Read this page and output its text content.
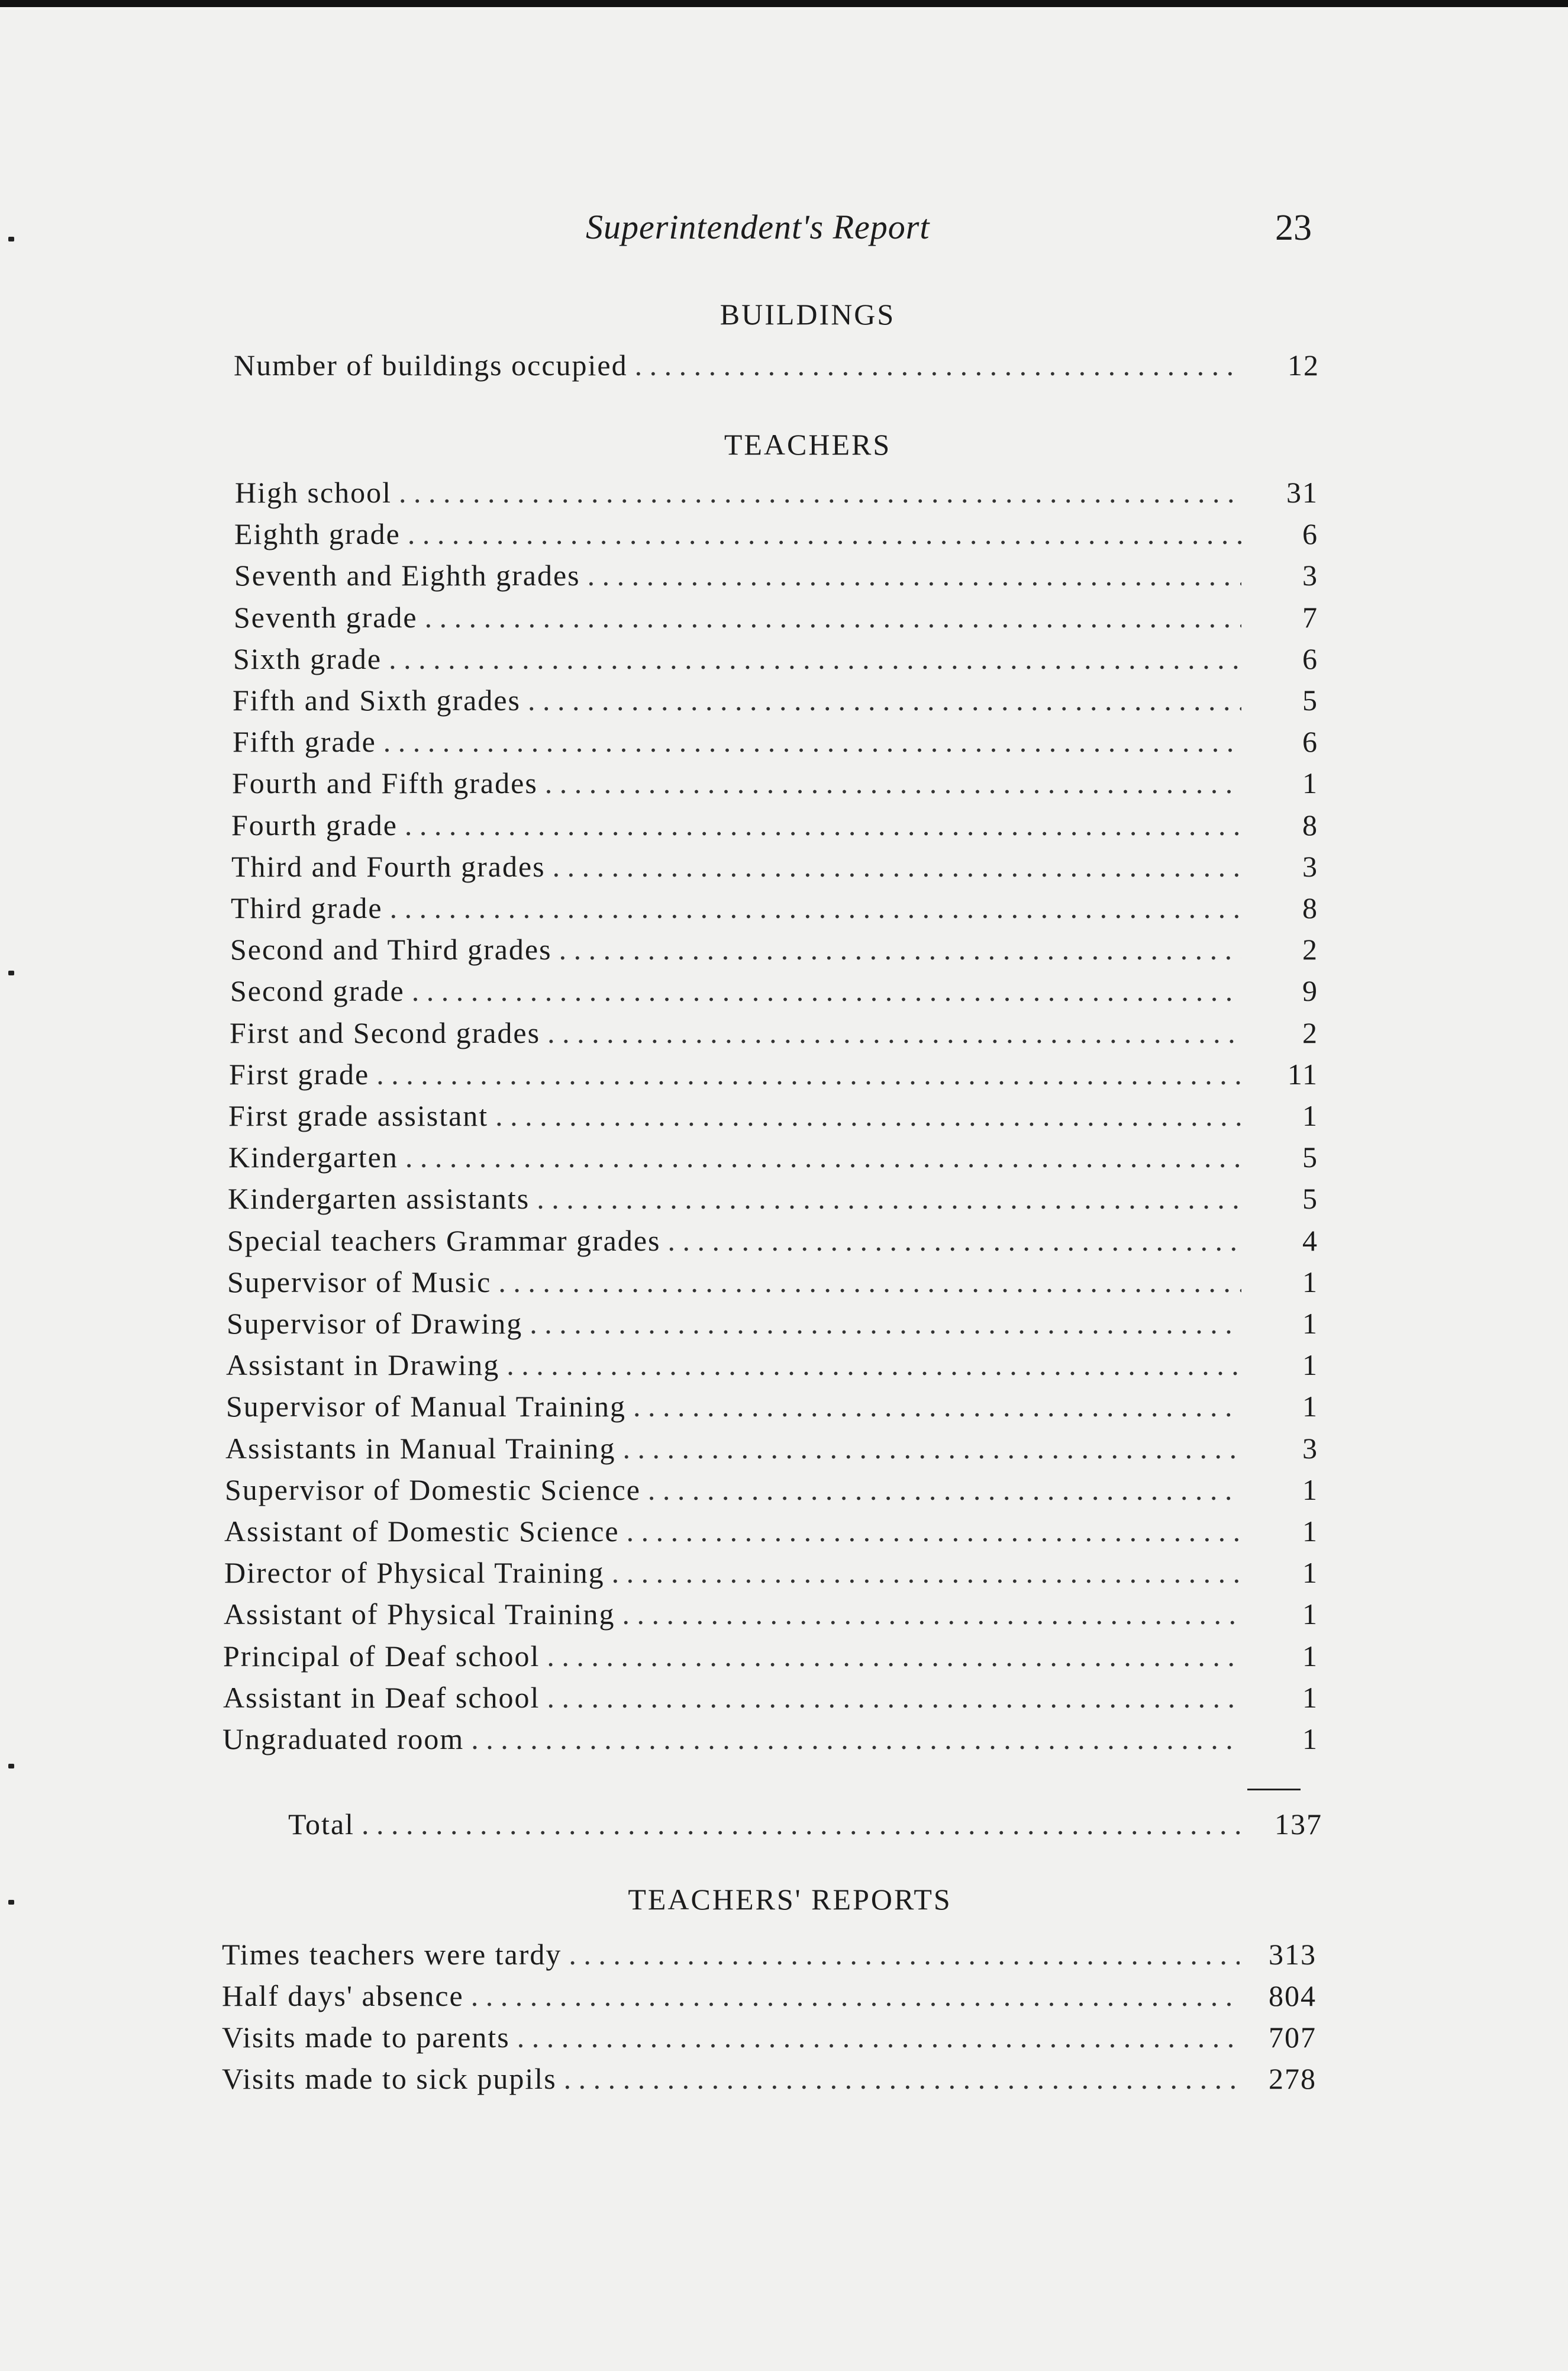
Superintendent's Report	23
BUILDINGS
Number of buildings occupied . . .	12
TEACHERS
High school . . .	31
Eighth grade . . .	6
Seventh and Eighth grades . . .	3
Seventh grade . . .	7
Sixth grade . . .	6
Fifth and Sixth grades . . .	5
Fifth grade . . .	6
Fourth and Fifth grades . . .	1
Fourth grade . . .	8
Third and Fourth grades . . .	3
Third grade . . .	8
Second and Third grades . . .	2
Second grade . . .	9
First and Second grades . . .	2
First grade . . .	11
First grade assistant . . .	1
Kindergarten . . .	5
Kindergarten assistants . . .	5
Special teachers Grammar grades . . .	4
Supervisor of Music . . .	1
Supervisor of Drawing . . .	1
Assistant in Drawing . . .	1
Supervisor of Manual Training . . .	1
Assistants in Manual Training . . .	3
Supervisor of Domestic Science . . .	1
Assistant of Domestic Science . . .	1
Director of Physical Training . . .	1
Assistant of Physical Training . . .	1
Principal of Deaf school . . .	1
Assistant in Deaf school . . .	1
Ungraduated room . . .	1
Total . . .	137
TEACHERS' REPORTS
Times teachers were tardy . . .	313
Half days' absence . . .	804
Visits made to parents . . .	707
Visits made to sick pupils . . .	278
